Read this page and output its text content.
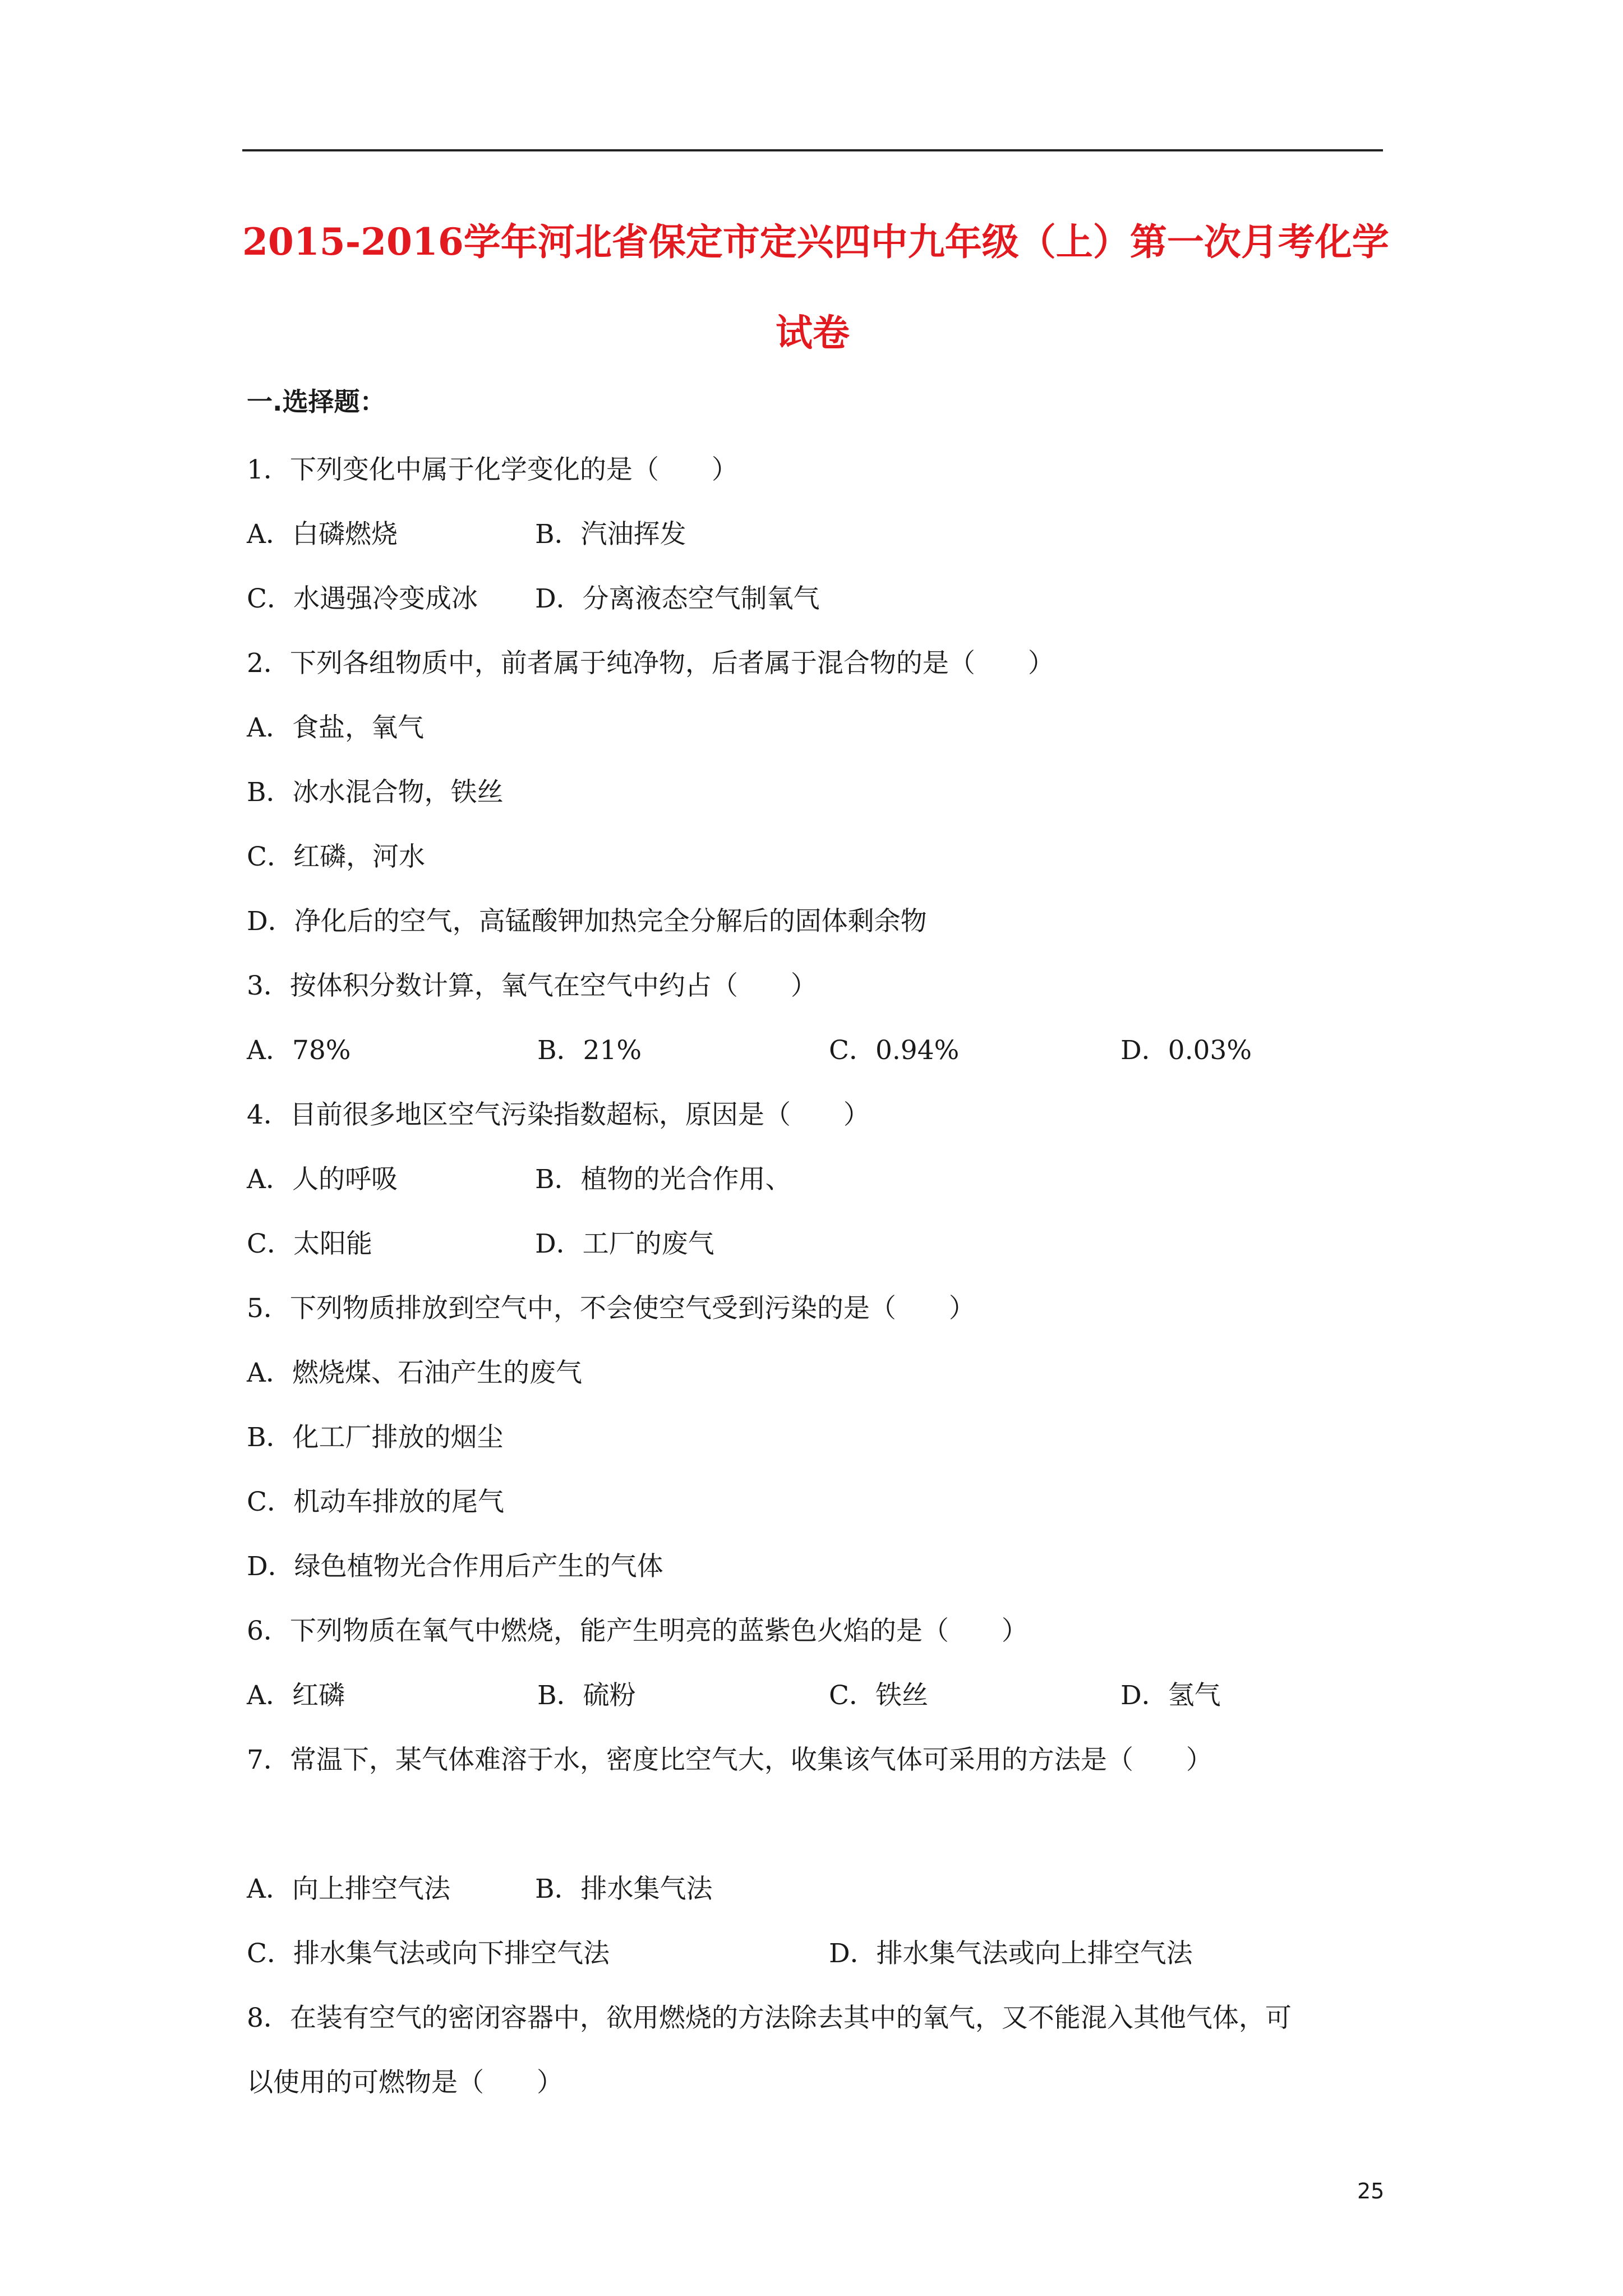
2015-2016学年河北省保定市定兴四中九年级（上）第一次月考化学
试卷
一.选择题：
1．下列变化中属于化学变化的是（　　）
A．白磷燃烧	B．汽油挥发
C．水遇强冷变成冰 D．分离液态空气制氧气
2．下列各组物质中，前者属于纯净物，后者属于混合物的是（　　）
A．食盐，氧气
B．冰水混合物，铁丝
C．红磷，河水
D．净化后的空气，高锰酸钾加热完全分解后的固体剩余物
3．按体积分数计算，氧气在空气中约占（　　）
A．78%	B．21%	C．0.94%	D．0.03%
4．目前很多地区空气污染指数超标，原因是（　　）
A．人的呼吸	B．植物的光合作用、
C．太阳能	D．工厂的废气
5．下列物质排放到空气中，不会使空气受到污染的是（　　）
A．燃烧煤、石油产生的废气
B．化工厂排放的烟尘
C．机动车排放的尾气
D．绿色植物光合作用后产生的气体
6．下列物质在氧气中燃烧，能产生明亮的蓝紫色火焰的是（　　）
A．红磷	B．硫粉	C．铁丝	D．氢气
7．常温下，某气体难溶于水，密度比空气大，收集该气体可采用的方法是（　　）
A．向上排空气法	B．排水集气法
C．排水集气法或向下排空气法	D．排水集气法或向上排空气法
8．在装有空气的密闭容器中，欲用燃烧的方法除去其中的氧气，又不能混入其他气体，可
以使用的可燃物是（　　）
25
